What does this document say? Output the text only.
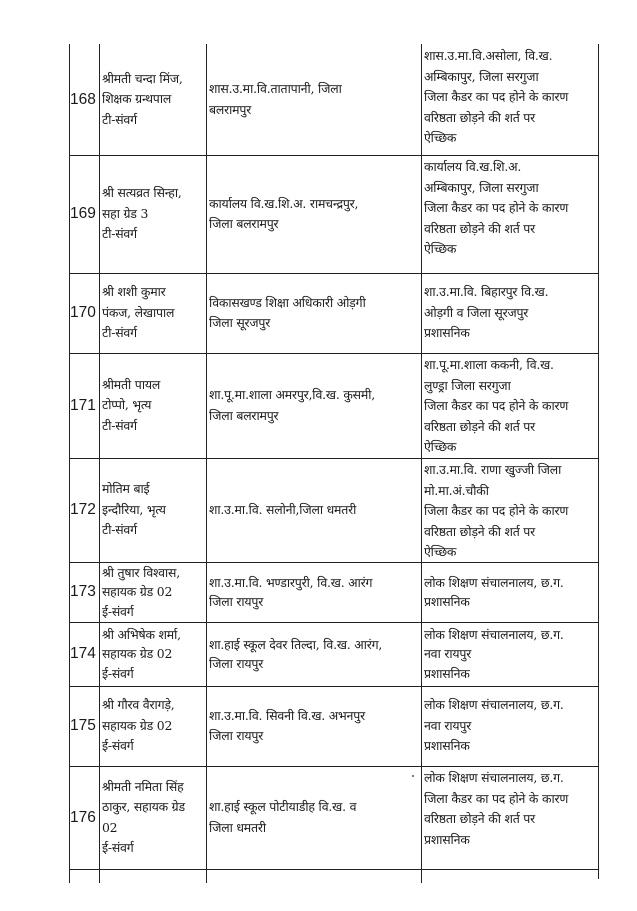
168
श्रीमती चन्दा मिंज,
शिक्षक ग्रन्थपाल
टी-संवर्ग
शास.उ.मा.वि.तातापानी, जिला
बलरामपुर
शास.उ.मा.वि.असोला, वि.ख.
अम्बिकापुर, जिला सरगुजा
जिला कैडर का पद होने के कारण
वरिष्ठता छोड़ने की शर्त पर
ऐच्छिक
169
श्री सत्यव्रत सिन्हा,
सहा ग्रेड 3
टी-संवर्ग
कार्यालय वि.ख.शि.अ. रामचन्द्रपुर,
जिला बलरामपुर
कार्यालय वि.ख.शि.अ.
अम्बिकापुर, जिला सरगुजा
जिला कैडर का पद होने के कारण
वरिष्ठता छोड़ने की शर्त पर
ऐच्छिक
170
श्री शशी कुमार
पंकज, लेखापाल
टी-संवर्ग
विकासखण्ड शिक्षा अधिकारी ओड़गी
जिला सूरजपुर
शा.उ.मा.वि. बिहारपुर वि.ख.
ओड़गी व जिला सूरजपुर
प्रशासनिक
171
श्रीमती पायल
टोप्पो, भृत्य
टी-संवर्ग
शा.पू.मा.शाला अमरपुर,वि.ख. कुसमी,
जिला बलरामपुर
शा.पू.मा.शाला ककनी, वि.ख.
लुण्ड्रा जिला सरगुजा
जिला कैडर का पद होने के कारण
वरिष्ठता छोड़ने की शर्त पर
ऐच्छिक
172
मोतिम बाई
इन्दौरिया, भृत्य
टी-संवर्ग
शा.उ.मा.वि. सलोनी,जिला धमतरी
शा.उ.मा.वि. राणा खुज्जी जिला
मो.मा.अं.चौकी
जिला कैडर का पद होने के कारण
वरिष्ठता छोड़ने की शर्त पर
ऐच्छिक
173
श्री तुषार विश्वास,
सहायक ग्रेड 02
ई-संवर्ग
शा.उ.मा.वि. भण्डारपुरी, वि.ख. आरंग
जिला रायपुर
लोक शिक्षण संचालनालय, छ.ग.
प्रशासनिक
174
श्री अभिषेक शर्मा,
सहायक ग्रेड 02
ई-संवर्ग
शा.हाई स्कूल देवर तिल्दा, वि.ख. आरंग,
जिला रायपुर
लोक शिक्षण संचालनालय, छ.ग.
नवा रायपुर
प्रशासनिक
175
श्री गौरव वैरागड़े,
सहायक ग्रेड 02
ई-संवर्ग
शा.उ.मा.वि. सिवनी वि.ख. अभनपुर
जिला रायपुर
लोक शिक्षण संचालनालय, छ.ग.
नवा रायपुर
प्रशासनिक
176
श्रीमती नमिता सिंह
ठाकुर, सहायक ग्रेड
02
ई-संवर्ग
शा.हाई स्कूल पोटीयाडीह वि.ख. व
जिला धमतरी
लोक शिक्षण संचालनालय, छ.ग.
जिला कैडर का पद होने के कारण
वरिष्ठता छोड़ने की शर्त पर
प्रशासनिक
